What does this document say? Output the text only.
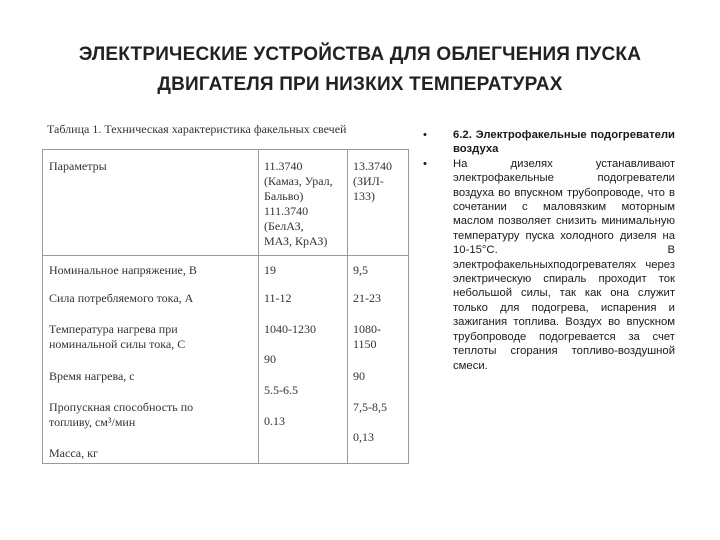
ЭЛЕКТРИЧЕСКИЕ УСТРОЙСТВА ДЛЯ ОБЛЕГЧЕНИЯ ПУСКА
ДВИГАТЕЛЯ ПРИ НИЗКИХ ТЕМПЕРАТУРАХ
Таблица 1. Техническая характеристика факельных свечей
Параметры	11.3740
(Камаз, Урал,
Бальво)
111.3740
(БелАЗ,
МАЗ, КрАЗ)
13.3740
(ЗИЛ-
133)
Номинальное напряжение, В
Сила потребляемого тока, А
Температура нагрева при
номинальной силы тока, С
Время нагрева, с
Пропускная способность по
топливу, см³/мин
Масса, кг
19
11-12
1040-1230
90
5.5-6.5
0.13
9,5
21-23
1080-
1150
90
7,5-8,5
0,13
• 6.2. Электрофакельные подогреватели воздуха
• На дизелях устанавливают электрофакельные подогреватели воздуха во впускном трубопроводе, что в сочетании с маловязким моторным маслом позволяет снизить минимальную температуру пуска холодного дизеля на 10-15°С. В электрофакельныхподогревателях через электрическую спираль проходит ток небольшой силы, так как она служит только для подогрева, испарения и зажигания топлива. Воздух во впускном трубопроводе подогревается за счет теплоты сгорания топливо-воздушной смеси.
